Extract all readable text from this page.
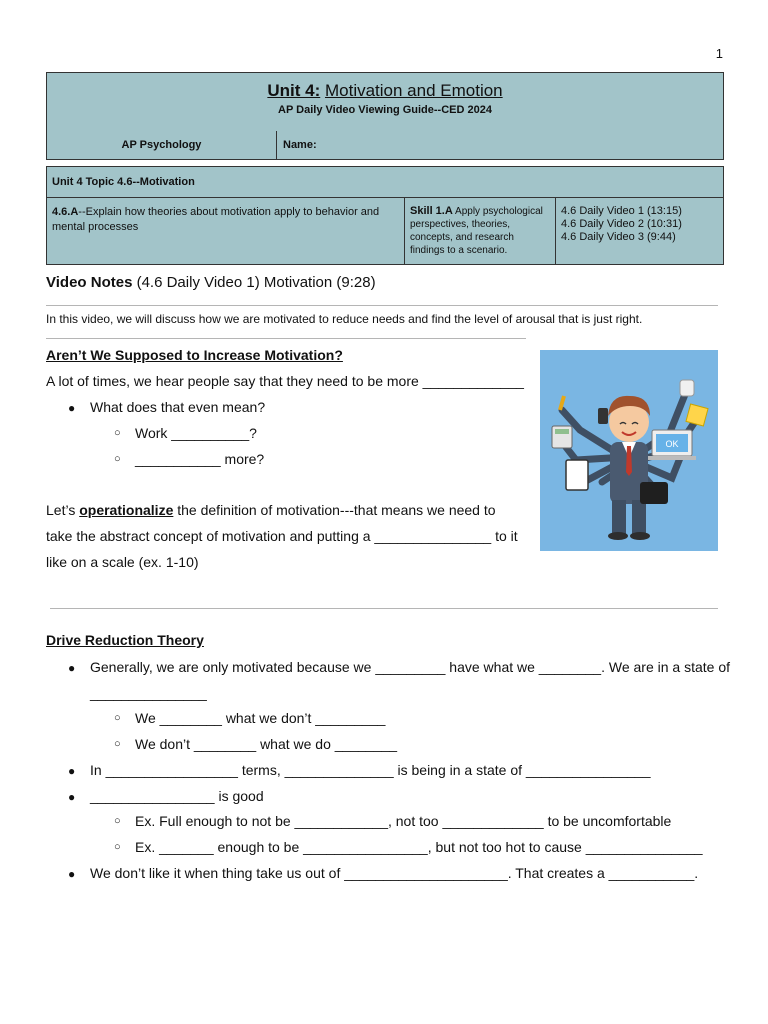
1
Unit 4: Motivation and Emotion
AP Daily Video Viewing Guide--CED 2024
AP Psychology	Name:
Unit 4 Topic 4.6--Motivation
4.6.A--Explain how theories about motivation apply to behavior and mental processes
Skill 1.A Apply psychological perspectives, theories, concepts, and research findings to a scenario.
4.6 Daily Video 1 (13:15)
4.6 Daily Video 2 (10:31)
4.6 Daily Video 3 (9:44)
Video Notes (4.6 Daily Video 1) Motivation (9:28)
In this video, we will discuss how we are motivated to reduce needs and find the level of arousal that is just right.
Aren’t We Supposed to Increase Motivation?
A lot of times, we hear people say that they need to be more _____________
● What does that even mean?
○ Work __________?
○ ___________ more?
Let’s operationalize the definition of motivation---that means we need to
take the abstract concept of motivation and putting a _______________ to it
like on a scale (ex. 1-10)
OK
Drive Reduction Theory
● Generally, we are only motivated because we _________ have what we ________. We are in a state of
_______________
○ We ________ what we don’t _________
○ We don’t ________ what we do ________
● In _________________ terms, ______________ is being in a state of ________________
● ________________ is good
○ Ex. Full enough to not be ____________, not too _____________ to be uncomfortable
○ Ex. _______ enough to be ________________, but not too hot to cause _______________
● We don’t like it when thing take us out of _____________________. That creates a ___________.
